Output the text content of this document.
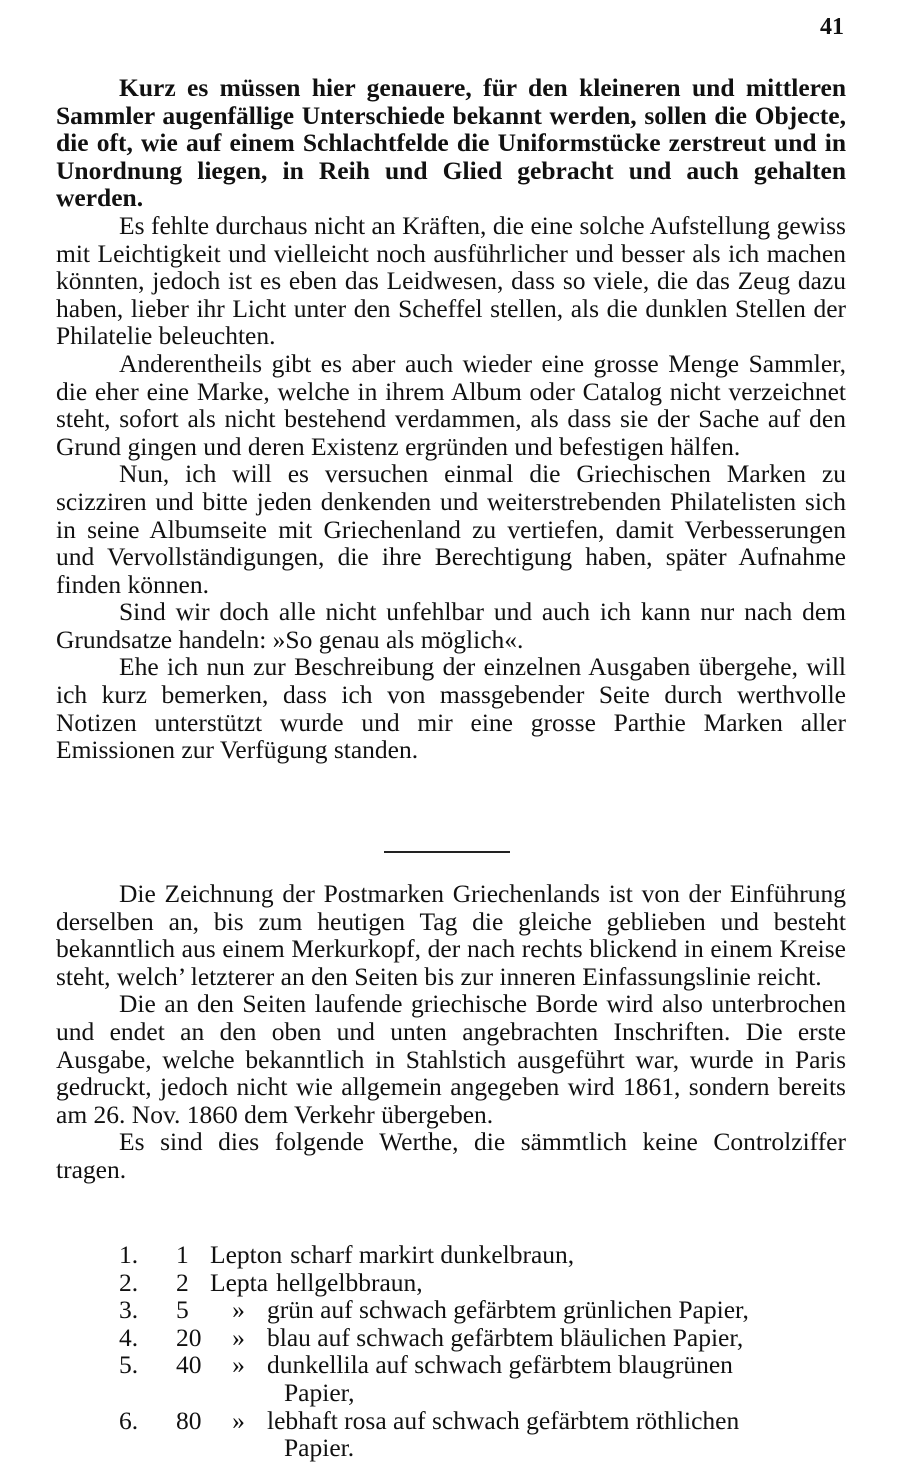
41

Kurz es müssen hier genauere, für den kleineren und mittleren Sammler augenfällige Unterschiede bekannt werden, sollen die Objecte, die oft, wie auf einem Schlachtfelde die Uniformstücke zerstreut und in Unordnung liegen, in Reih und Glied gebracht und auch gehalten werden.

Es fehlte durchaus nicht an Kräften, die eine solche Aufstellung gewiss mit Leichtigkeit und vielleicht noch ausführlicher und besser als ich machen könnten, jedoch ist es eben das Leidwesen, dass so viele, die das Zeug dazu haben, lieber ihr Licht unter den Scheffel stellen, als die dunklen Stellen der Philatelie beleuchten.

Anderentheils gibt es aber auch wieder eine grosse Menge Sammler, die eher eine Marke, welche in ihrem Album oder Catalog nicht verzeichnet steht, sofort als nicht bestehend verdammen, als dass sie der Sache auf den Grund gingen und deren Existenz ergründen und befestigen hälfen.

Nun, ich will es versuchen einmal die Griechischen Marken zu scizziren und bitte jeden denkenden und weiterstrebenden Philatelisten sich in seine Albumseite mit Griechenland zu vertiefen, damit Verbesserungen und Vervollständigungen, die ihre Berechtigung haben, später Aufnahme finden können.

Sind wir doch alle nicht unfehlbar und auch ich kann nur nach dem Grundsatze handeln: »So genau als möglich«.

Ehe ich nun zur Beschreibung der einzelnen Ausgaben übergehe, will ich kurz bemerken, dass ich von massgebender Seite durch werthvolle Notizen unterstützt wurde und mir eine grosse Parthie Marken aller Emissionen zur Verfügung standen.

Die Zeichnung der Postmarken Griechenlands ist von der Einführung derselben an, bis zum heutigen Tag die gleiche geblieben und besteht bekanntlich aus einem Merkurkopf, der nach rechts blickend in einem Kreise steht, welch’ letzterer an den Seiten bis zur inneren Einfassungslinie reicht.

Die an den Seiten laufende griechische Borde wird also unterbrochen und endet an den oben und unten angebrachten Inschriften. Die erste Ausgabe, welche bekanntlich in Stahlstich ausgeführt war, wurde in Paris gedruckt, jedoch nicht wie allgemein angegeben wird 1861, sondern bereits am 26. Nov. 1860 dem Verkehr übergeben.

Es sind dies folgende Werthe, die sämmtlich keine Controlziffer tragen.

1.	1 Lepton scharf markirt dunkelbraun,
2.	2 Lepta hellgelbbraun,
3.	5	» grün auf schwach gefärbtem grünlichen Papier,
4.	20	» blau auf schwach gefärbtem bläulichen Papier,
5.	40	» dunkellila auf schwach gefärbtem blaugrünen
Papier,
6.	80	» lebhaft rosa auf schwach gefärbtem röthlichen
Papier.
